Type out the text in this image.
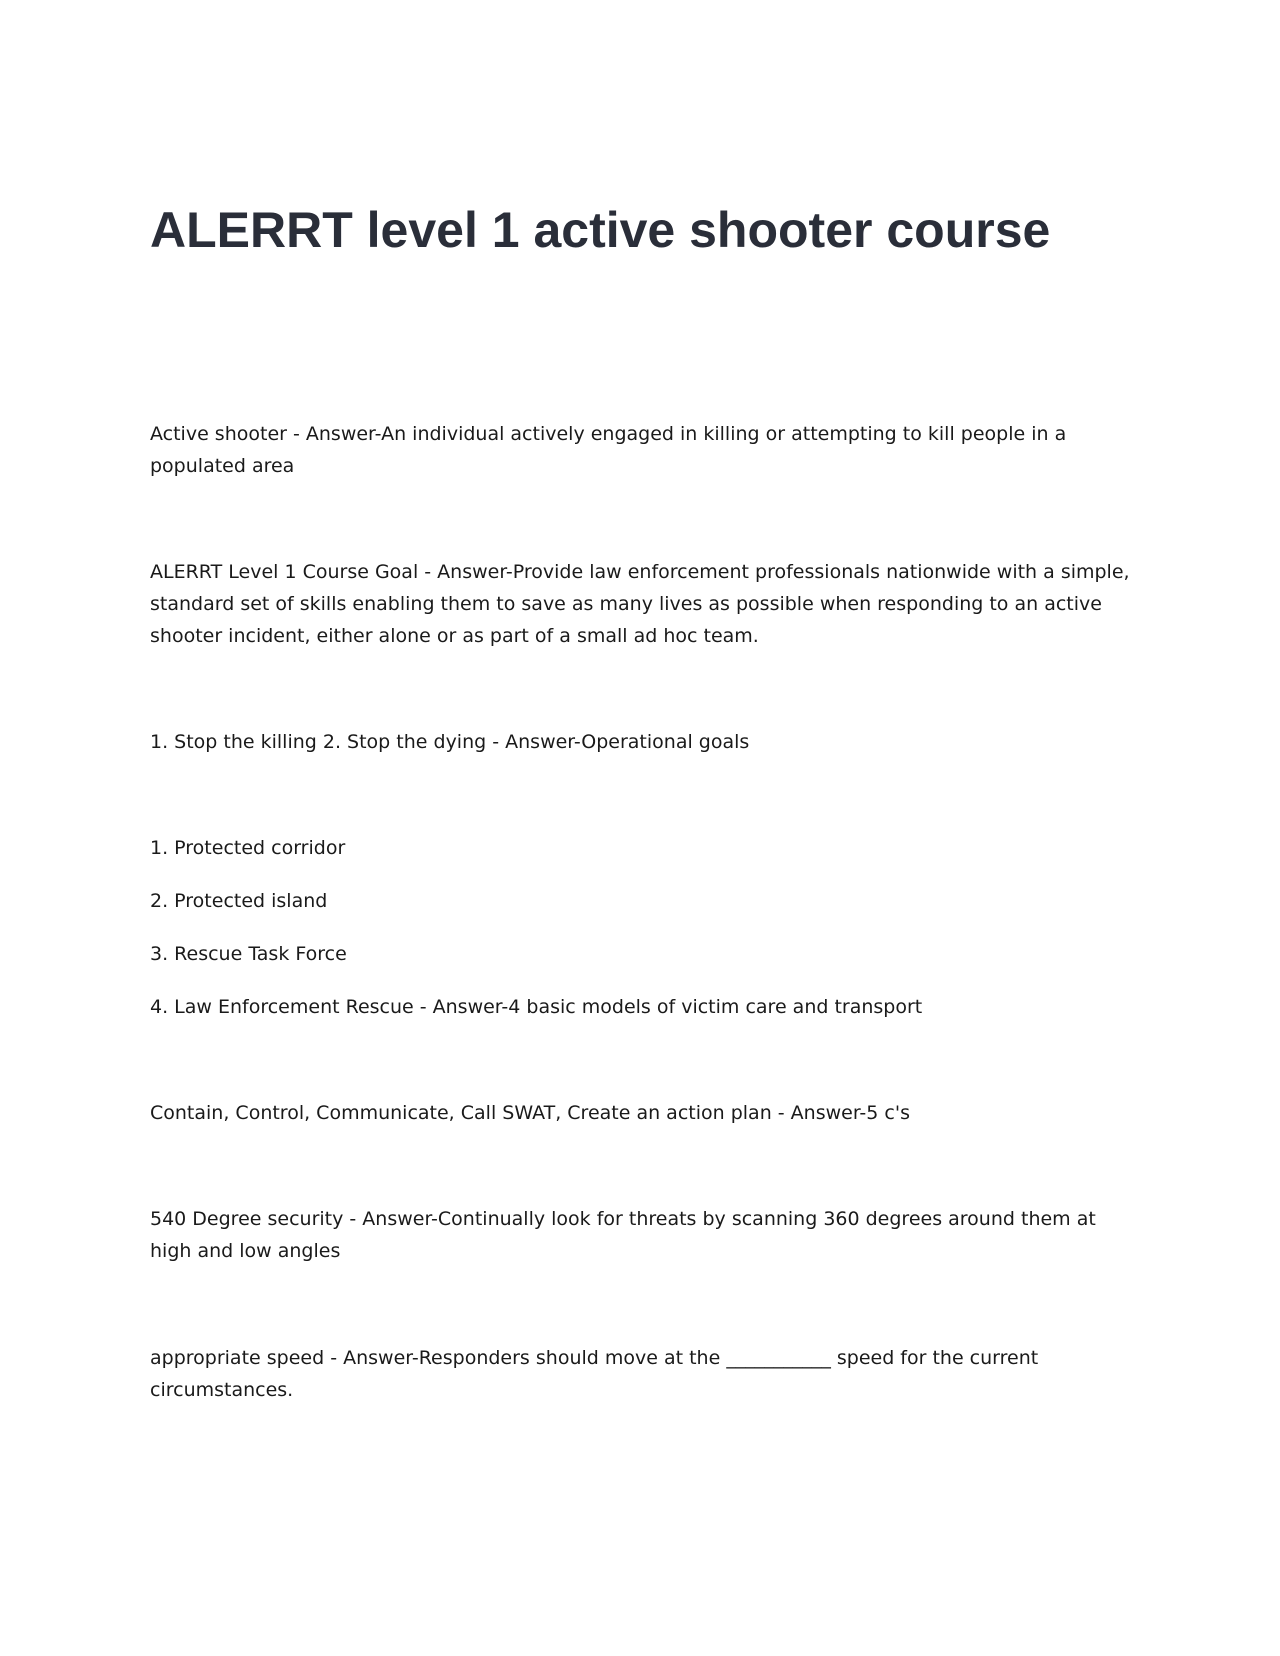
ALERRT level 1 active shooter course

Active shooter - Answer-An individual actively engaged in killing or attempting to kill people in a populated area

ALERRT Level 1 Course Goal - Answer-Provide law enforcement professionals nationwide with a simple, standard set of skills enabling them to save as many lives as possible when responding to an active shooter incident, either alone or as part of a small ad hoc team.

1. Stop the killing 2. Stop the dying - Answer-Operational goals

1. Protected corridor

2. Protected island

3. Rescue Task Force

4. Law Enforcement Rescue - Answer-4 basic models of victim care and transport

Contain, Control, Communicate, Call SWAT, Create an action plan - Answer-5 c's

540 Degree security - Answer-Continually look for threats by scanning 360 degrees around them at high and low angles

appropriate speed - Answer-Responders should move at the ___________ speed for the current circumstances.
